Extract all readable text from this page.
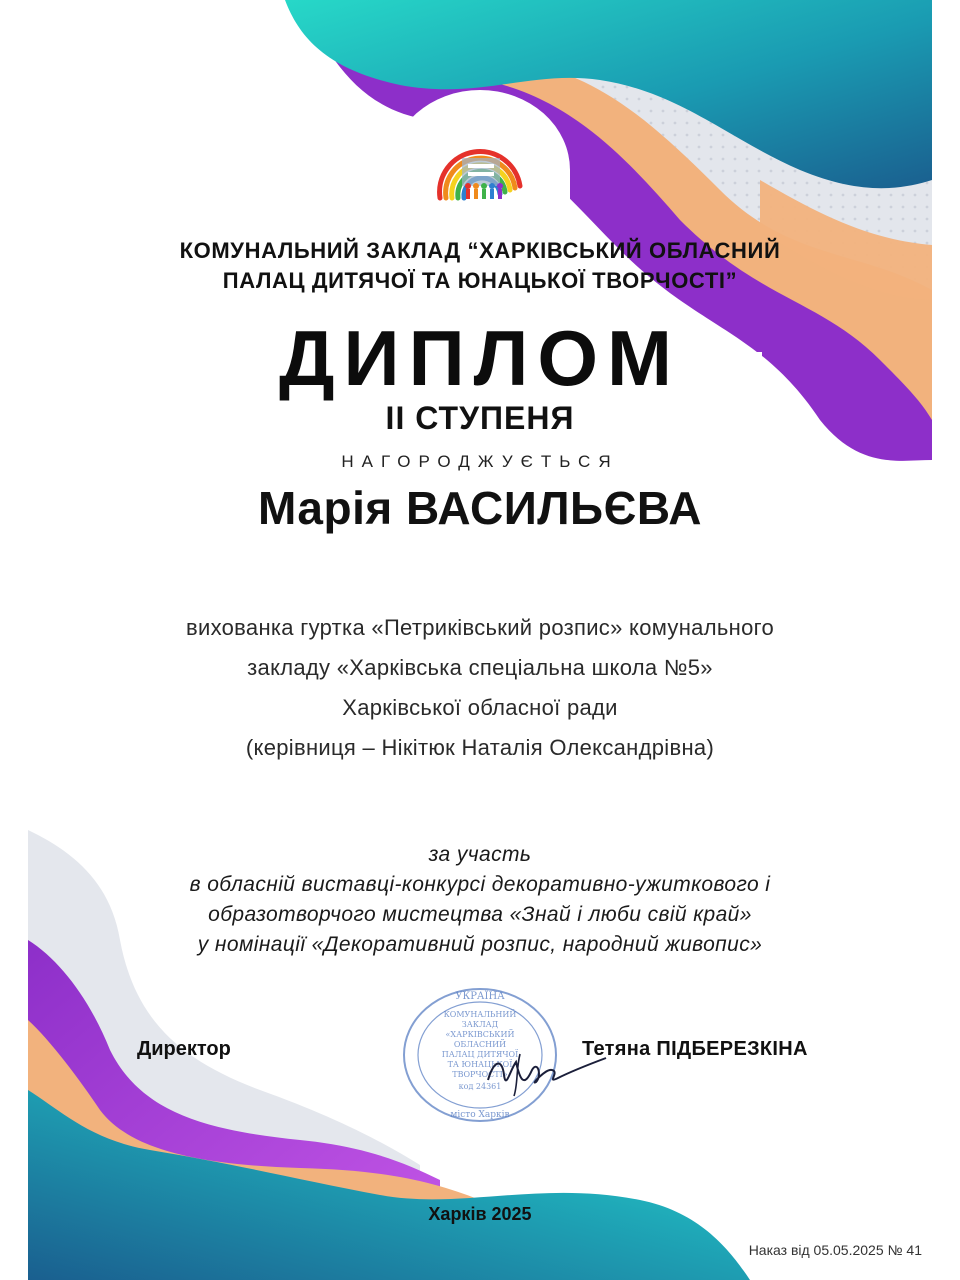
КОМУНАЛЬНИЙ ЗАКЛАД “ХАРКІВСЬКИЙ ОБЛАСНИЙ
ПАЛАЦ ДИТЯЧОЇ ТА ЮНАЦЬКОЇ ТВОРЧОСТІ”
ДИПЛОМ
ІІ СТУПЕНЯ
НАГОРОДЖУЄТЬСЯ
Марія ВАСИЛЬЄВА
вихованка гуртка «Петриківський розпис» комунального
закладу «Харківська спеціальна школа №5»
Харківської обласної ради
(керівниця – Нікітюк Наталія Олександрівна)
за участь
в обласній виставці-конкурсі декоративно-ужиткового і
образотворчого мистецтва «Знай і люби свій край»
у номінації «Декоративний розпис, народний живопис»
УКРАЇНА
КОМУНАЛЬНИЙ
ЗАКЛАД
«ХАРКІВСЬКИЙ
ОБЛАСНИЙ
ПАЛАЦ ДИТЯЧОЇ
ТА ЮНАЦЬКОЇ
ТВОРЧОСТІ»
код 24361
місто Харків
Директор	Тетяна ПІДБЕРЕЗКІНА
Харків 2025
Наказ від 05.05.2025 № 41
